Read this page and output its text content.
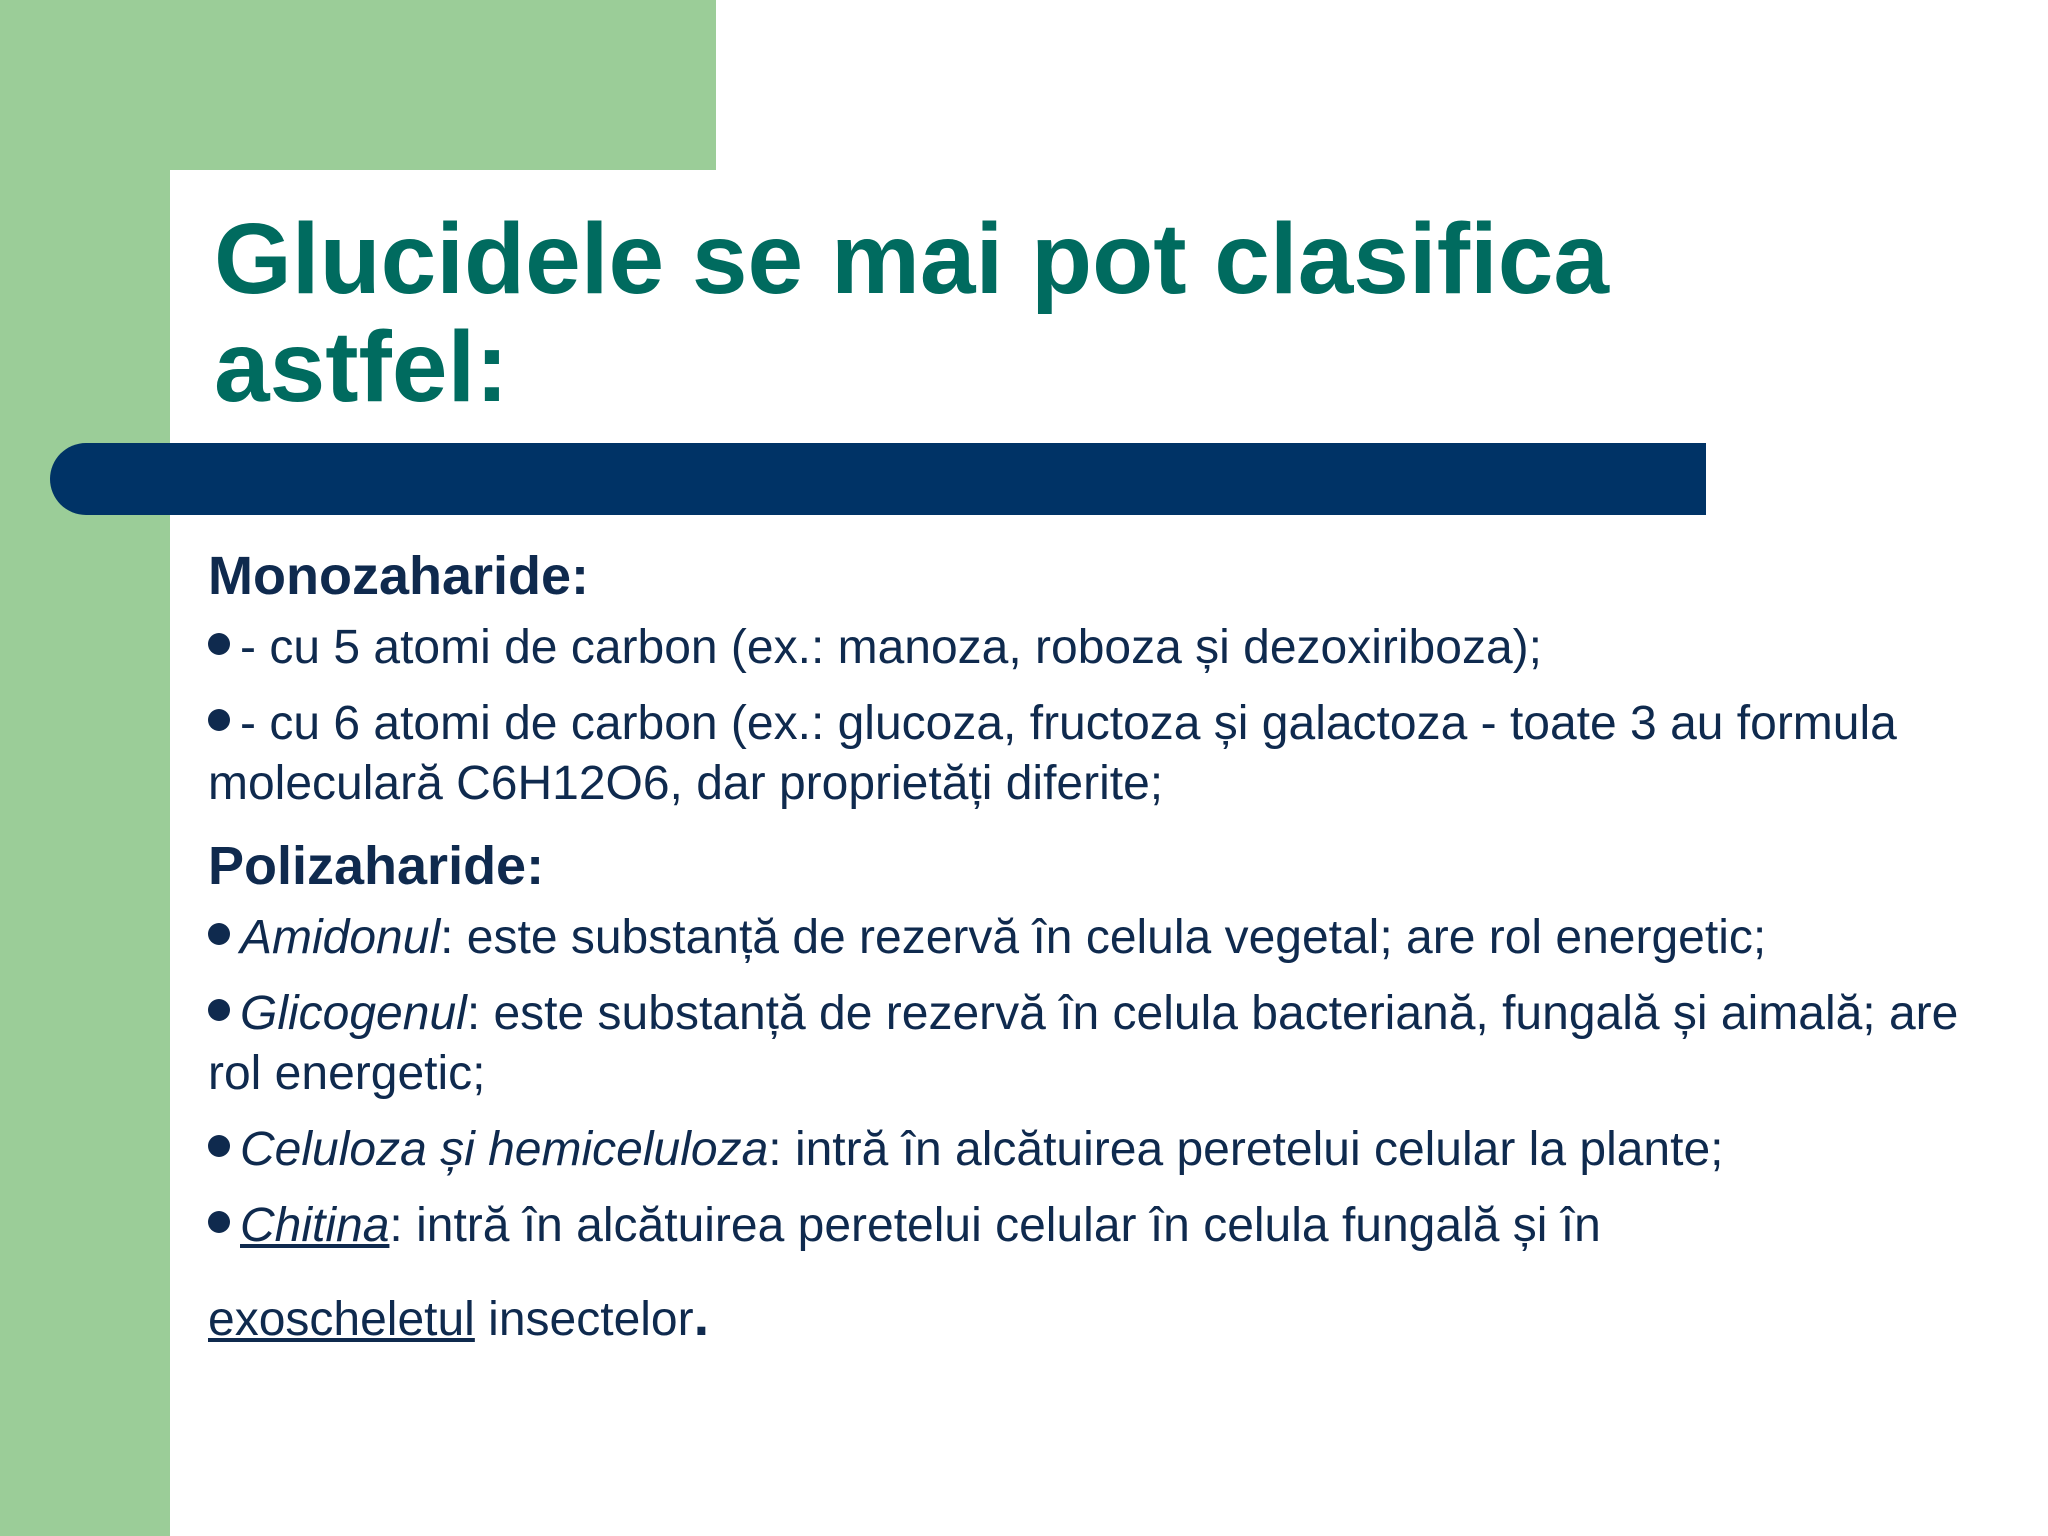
Glucidele se mai pot clasifica
astfel:
Monozaharide:
- cu 5 atomi de carbon (ex.: manoza, roboza și dezoxiriboza);
- cu 6 atomi de carbon (ex.: glucoza, fructoza și galactoza - toate 3 au formula moleculară C6H12O6, dar proprietăți diferite;
Polizaharide:
Amidonul: este substanță de rezervă în celula vegetal; are rol energetic;
Glicogenul: este substanță de rezervă în celula bacteriană, fungală și aimală; are rol energetic;
Celuloza și hemiceluloza: intră în alcătuirea peretelui celular la plante;
Chitina: intră în alcătuirea peretelui celular în celula fungală și în
exoscheletul insectelor.
